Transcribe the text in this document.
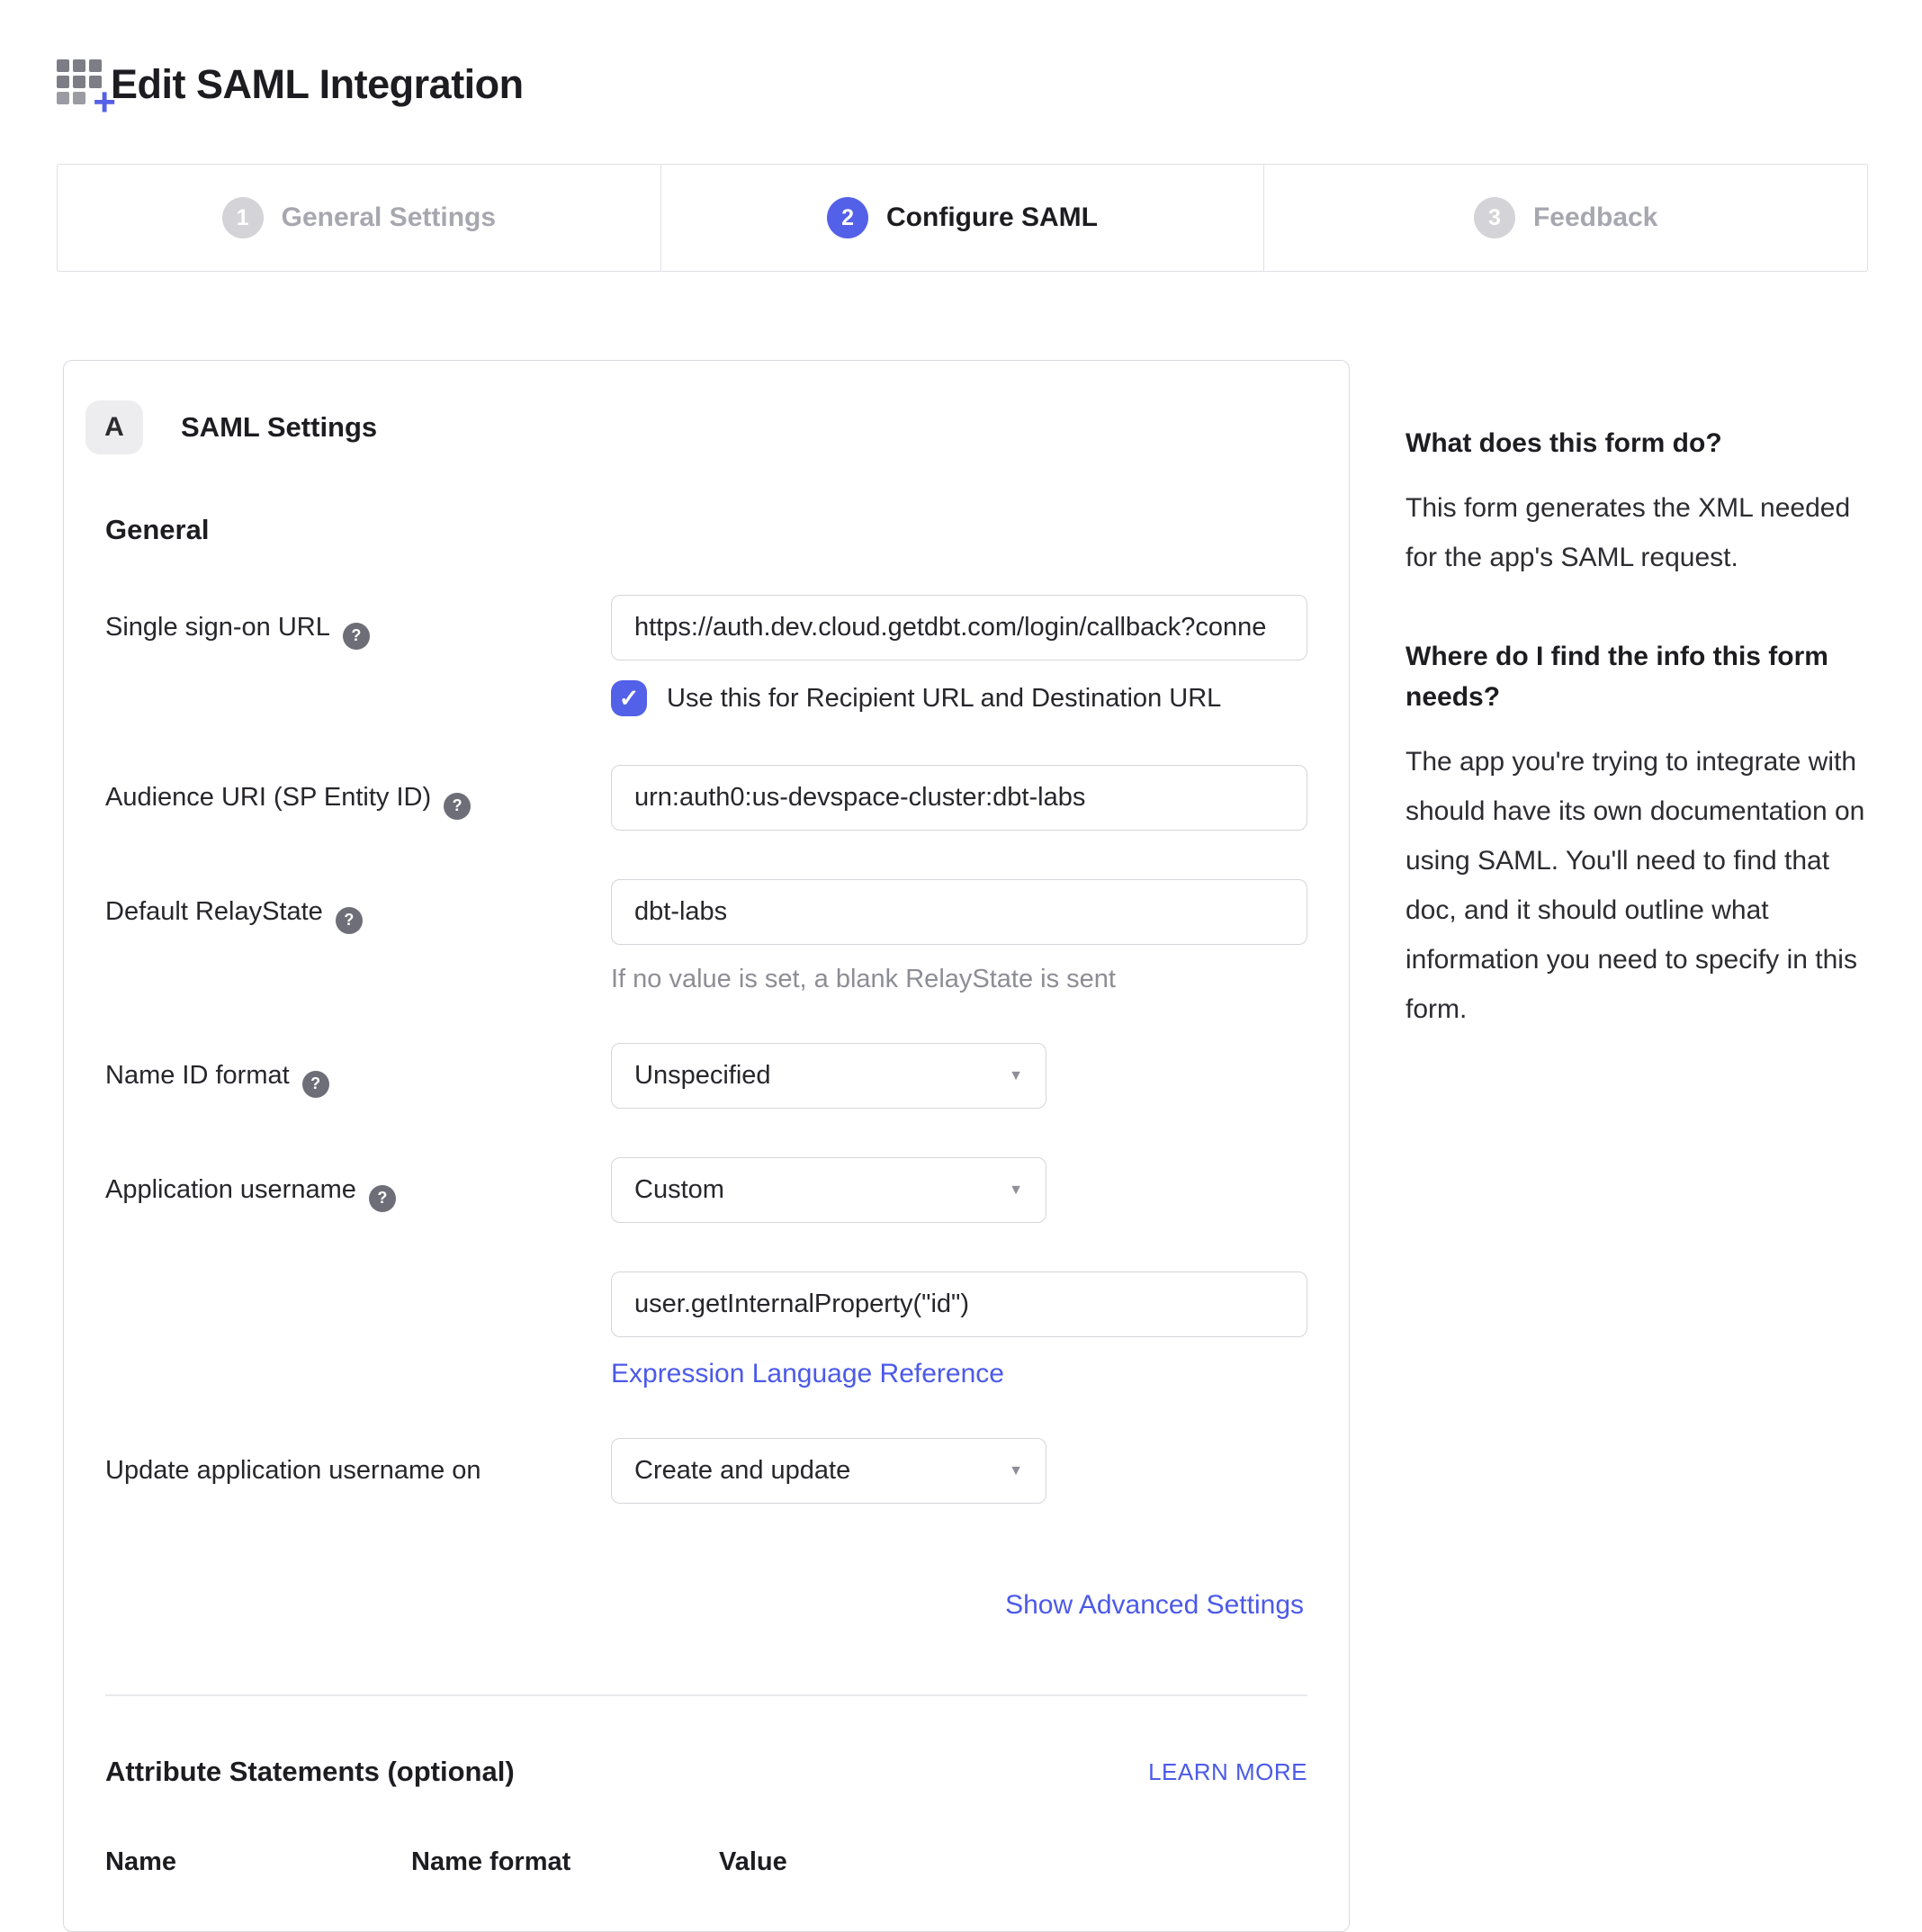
+
Edit SAML Integration
1	General Settings	2	Configure SAML	3	Feedback
A	SAML Settings
General
Single sign-on URL ?
https://auth.dev.cloud.getdbt.com/login/callback?conne
✓ Use this for Recipient URL and Destination URL
Audience URI (SP Entity ID) ?
urn:auth0:us-devspace-cluster:dbt-labs
Default RelayState ?
dbt-labs
If no value is set, a blank RelayState is sent
Name ID format ?	Unspecified	▼
Application username ?	Custom	▼
user.getInternalProperty("id") Expression Language Reference
Update application username on	Create and update	▼
Show Advanced Settings
Attribute Statements (optional)	LEARN MORE
Name	Name format	Value
What does this form do?

This form generates the XML needed for the app's SAML request.

Where do I find the info this form needs?

The app you're trying to integrate with should have its own documentation on using SAML. You'll need to find that doc, and it should outline what information you need to specify in this form.
